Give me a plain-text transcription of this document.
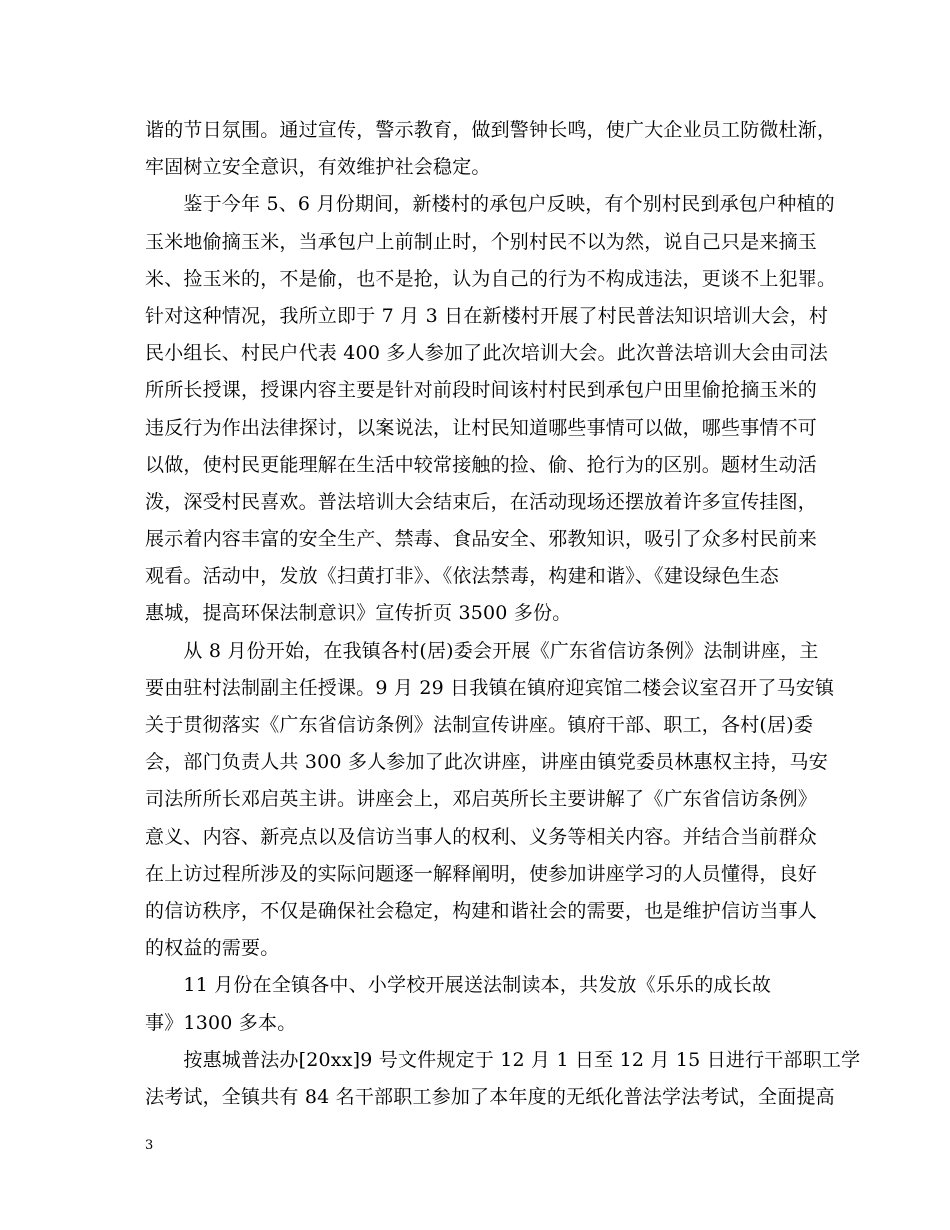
谐的节日氛围。通过宣传，警示教育，做到警钟长鸣，使广大企业员工防微杜渐，
牢固树立安全意识，有效维护社会稳定。
　　鉴于今年 5、6 月份期间，新楼村的承包户反映，有个别村民到承包户种植的
玉米地偷摘玉米，当承包户上前制止时，个别村民不以为然，说自己只是来摘玉
米、捡玉米的，不是偷，也不是抢，认为自己的行为不构成违法，更谈不上犯罪。
针对这种情况，我所立即于 7 月 3 日在新楼村开展了村民普法知识培训大会，村
民小组长、村民户代表 400 多人参加了此次培训大会。此次普法培训大会由司法
所所长授课，授课内容主要是针对前段时间该村村民到承包户田里偷抢摘玉米的
违反行为作出法律探讨，以案说法，让村民知道哪些事情可以做，哪些事情不可
以做，使村民更能理解在生活中较常接触的捡、偷、抢行为的区别。题材生动活
泼，深受村民喜欢。普法培训大会结束后，在活动现场还摆放着许多宣传挂图，
展示着内容丰富的安全生产、禁毒、食品安全、邪教知识，吸引了众多村民前来
观看。活动中，发放《扫黄打非》、《依法禁毒，构建和谐》、《建设绿色生态
惠城，提高环保法制意识》宣传折页 3500 多份。
　　从 8 月份开始，在我镇各村(居)委会开展《广东省信访条例》法制讲座，主
要由驻村法制副主任授课。9 月 29 日我镇在镇府迎宾馆二楼会议室召开了马安镇
关于贯彻落实《广东省信访条例》法制宣传讲座。镇府干部、职工，各村(居)委
会，部门负责人共 300 多人参加了此次讲座，讲座由镇党委员林惠权主持，马安
司法所所长邓启英主讲。讲座会上，邓启英所长主要讲解了《广东省信访条例》
意义、内容、新亮点以及信访当事人的权利、义务等相关内容。并结合当前群众
在上访过程所涉及的实际问题逐一解释阐明，使参加讲座学习的人员懂得，良好
的信访秩序，不仅是确保社会稳定，构建和谐社会的需要，也是维护信访当事人
的权益的需要。
　　11 月份在全镇各中、小学校开展送法制读本，共发放《乐乐的成长故
事》1300 多本。
　　按惠城普法办[20xx]9 号文件规定于 12 月 1 日至 12 月 15 日进行干部职工学
法考试，全镇共有 84 名干部职工参加了本年度的无纸化普法学法考试，全面提高
3
